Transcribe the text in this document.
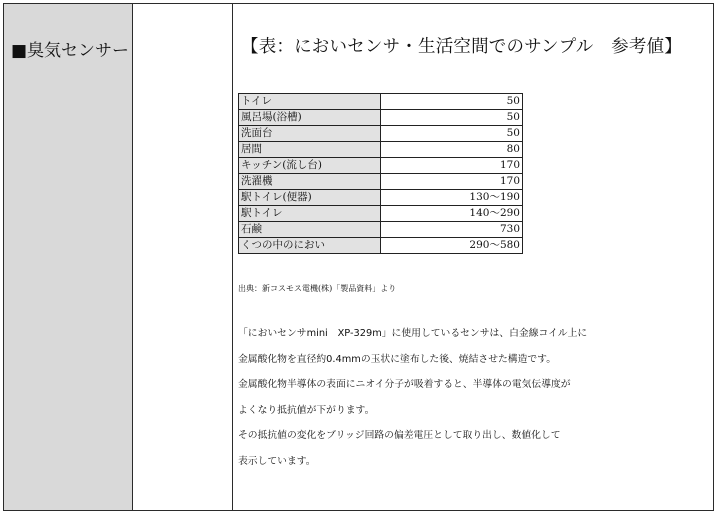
■臭気センサー	【表：においセンサ・生活空間でのサンプル　参考値】
トイレ	50
風呂場(浴槽)	50
洗面台	50
居間	80
キッチン(流し台)	170
洗濯機	170
駅トイレ(便器)	130〜190
駅トイレ	140〜290
石鹸	730
くつの中のにおい	290〜580
出典：新コスモス電機(株)「製品資料」より
「においセンサmini　XP-329m」に使用しているセンサは、白金線コイル上に
金属酸化物を直径約0.4mmの玉状に塗布した後、焼結させた構造です。
金属酸化物半導体の表面にニオイ分子が吸着すると、半導体の電気伝導度が
よくなり抵抗値が下がります。
その抵抗値の変化をブリッジ回路の偏差電圧として取り出し、数値化して
表示しています。
